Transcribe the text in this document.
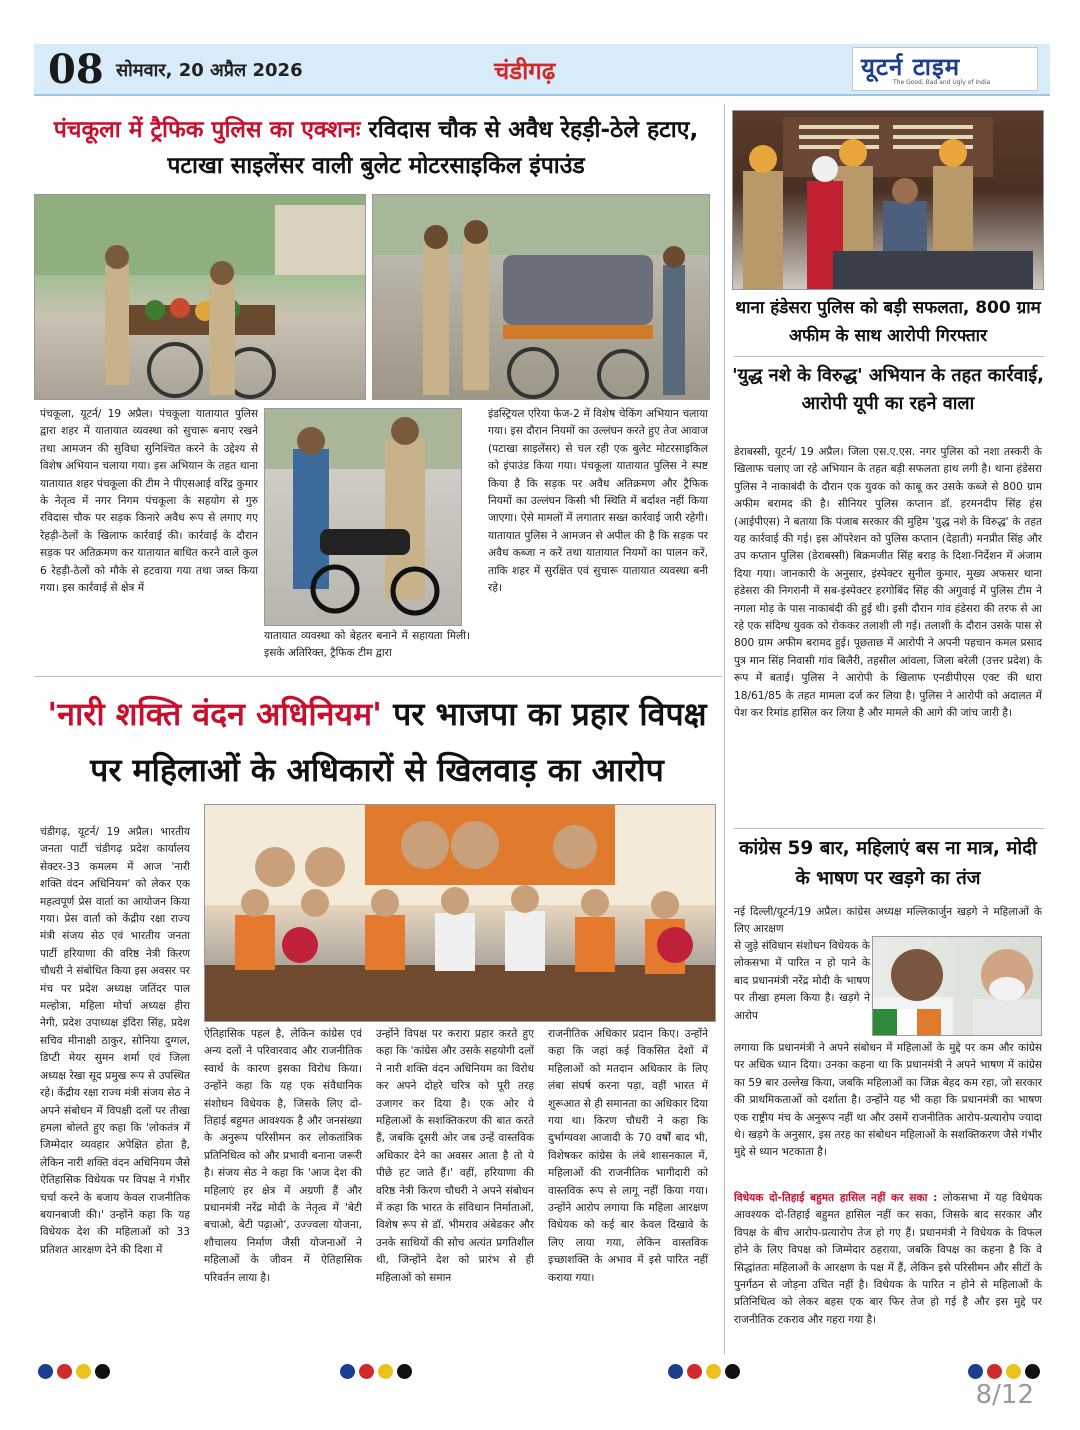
08 सोमवार, 20 अप्रैल 2026	चंडीगढ़	यूटर्न टाइम
The Good, Bad and Ugly of India
पंचकूला में ट्रैफिक पुलिस का एक्शनः रविदास चौक से अवैध रेहड़ी-ठेले हटाए, पटाखा साइलेंसर वाली बुलेट मोटरसाइकिल इंपाउंड
पंचकूला, यूटर्न/ 19 अप्रैल। पंचकूला यातायात पुलिस द्वारा शहर में यातायात व्यवस्था को सुचारू बनाए रखने तथा आमजन की सुविधा सुनिश्चित करने के उद्देश्य से विशेष अभियान चलाया गया। इस अभियान के तहत थाना यातायात शहर पंचकूला की टीम ने पीएसआई वरिंद्र कुमार के नेतृत्व में नगर निगम पंचकूला के सहयोग से गुरु रविदास चौक पर सड़क किनारे अवैध रूप से लगाए गए रेहड़ी-ठेलों के खिलाफ कार्रवाई की। कार्रवाई के दौरान सड़क पर अतिक्रमण कर यातायात बाधित करने वाले कुल 6 रेहड़ी-ठेलों को मौके से हटवाया गया तथा जब्त किया गया। इस कार्रवाई से क्षेत्र में
यातायात व्यवस्था को बेहतर बनाने में सहायता मिली। इसके अतिरिक्त, ट्रैफिक टीम द्वारा
इंडस्ट्रियल एरिया फेज-2 में विशेष चेकिंग अभियान चलाया गया। इस दौरान नियमों का उल्लंघन करते हुए तेज आवाज (पटाखा साइलेंसर) से चल रही एक बुलेट मोटरसाइकिल को इंपाउंड किया गया। पंचकूला यातायात पुलिस ने स्पष्ट किया है कि सड़क पर अवैध अतिक्रमण और ट्रैफिक नियमों का उल्लंघन किसी भी स्थिति में बर्दाश्त नहीं किया जाएगा। ऐसे मामलों में लगातार सख्त कार्रवाई जारी रहेगी। यातायात पुलिस ने आमजन से अपील की है कि सड़क पर अवैध कब्जा न करें तथा यातायात नियमों का पालन करें, ताकि शहर में सुरक्षित एवं सुचारू यातायात व्यवस्था बनी रहे।
'नारी शक्ति वंदन अधिनियम' पर भाजपा का प्रहार विपक्ष पर महिलाओं के अधिकारों से खिलवाड़ का आरोप
चंडीगढ़, यूटर्न/ 19 अप्रैल। भारतीय जनता पार्टी चंडीगढ़ प्रदेश कार्यालय सेक्टर-33 कमलम में आज 'नारी शक्ति वंदन अधिनियम' को लेकर एक महत्वपूर्ण प्रेस वार्ता का आयोजन किया गया। प्रेस वार्ता को केंद्रीय रक्षा राज्य मंत्री संजय सेठ एवं भारतीय जनता पार्टी हरियाणा की वरिष्ठ नेत्री किरण चौधरी ने संबोधित किया इस अवसर पर मंच पर प्रदेश अध्यक्ष जतिंदर पाल मल्होत्रा, महिला मोर्चा अध्यक्ष हीरा नेगी, प्रदेश उपाध्यक्ष इंदिरा सिंह, प्रदेश सचिव मीनाक्षी ठाकुर, सोनिया दुग्गल, डिप्टी मेयर सुमन शर्मा एवं जिला अध्यक्ष रेखा सूद प्रमुख रूप से उपस्थित रहे। केंद्रीय रक्षा राज्य मंत्री संजय सेठ ने अपने संबोधन में विपक्षी दलों पर तीखा हमला बोलते हुए कहा कि 'लोकतंत्र में जिम्मेदार व्यवहार अपेक्षित होता है, लेकिन नारी शक्ति वंदन अधिनियम जैसे ऐतिहासिक विधेयक पर विपक्ष ने गंभीर चर्चा करने के बजाय केवल राजनीतिक बयानबाजी की।' उन्होंने कहा कि यह विधेयक देश की महिलाओं को 33 प्रतिशत आरक्षण देने की दिशा में
ऐतिहासिक पहल है, लेकिन कांग्रेस एवं अन्य दलों ने परिवारवाद और राजनीतिक स्वार्थ के कारण इसका विरोध किया। उन्होंने कहा कि यह एक संवैधानिक संशोधन विधेयक है, जिसके लिए दो-तिहाई बहुमत आवश्यक है और जनसंख्या के अनुरूप परिसीमन कर लोकतांत्रिक प्रतिनिधित्व को और प्रभावी बनाना जरूरी है। संजय सेठ ने कहा कि 'आज देश की महिलाएं हर क्षेत्र में अग्रणी हैं और प्रधानमंत्री नरेंद्र मोदी के नेतृत्व में 'बेटी बचाओ, बेटी पढ़ाओ', उज्ज्वला योजना, शौचालय निर्माण जैसी योजनाओं ने महिलाओं के जीवन में ऐतिहासिक परिवर्तन लाया है।
उन्होंने विपक्ष पर करारा प्रहार करते हुए कहा कि 'कांग्रेस और उसके सहयोगी दलों ने नारी शक्ति वंदन अधिनियम का विरोध कर अपने दोहरे चरित्र को पूरी तरह उजागर कर दिया है। एक ओर ये महिलाओं के सशक्तिकरण की बात करते हैं, जबकि दूसरी ओर जब उन्हें वास्तविक अधिकार देने का अवसर आता है तो ये पीछे हट जाते हैं।' वहीं, हरियाणा की वरिष्ठ नेत्री किरण चौधरी ने अपने संबोधन में कहा कि भारत के संविधान निर्माताओं, विशेष रूप से डॉ. भीमराव अंबेडकर और उनके साथियों की सोच अत्यंत प्रगतिशील थी, जिन्होंने देश को प्रारंभ से ही महिलाओं को समान
राजनीतिक अधिकार प्रदान किए। उन्होंने कहा कि जहां कई विकसित देशों में महिलाओं को मतदान अधिकार के लिए लंबा संघर्ष करना पड़ा, वहीं भारत में शुरूआत से ही समानता का अधिकार दिया गया था। किरण चौधरी ने कहा कि दुर्भाग्यवश आजादी के 70 वर्षों बाद भी, विशेषकर कांग्रेस के लंबे शासनकाल में, महिलाओं की राजनीतिक भागीदारी को वास्तविक रूप से लागू नहीं किया गया। उन्होंने आरोप लगाया कि महिला आरक्षण विधेयक को कई बार केवल दिखावे के लिए लाया गया, लेकिन वास्तविक इच्छाशक्ति के अभाव में इसे पारित नहीं कराया गया।
थाना हंडेसरा पुलिस को बड़ी सफलता, 800 ग्राम अफीम के साथ आरोपी गिरफ्तार
'युद्ध नशे के विरुद्ध' अभियान के तहत कार्रवाई, आरोपी यूपी का रहने वाला
डेराबस्सी, यूटर्न/ 19 अप्रैल। जिला एस.ए.एस. नगर पुलिस को नशा तस्करी के खिलाफ चलाए जा रहे अभियान के तहत बड़ी सफलता हाथ लगी है। थाना हंडेसरा पुलिस ने नाकाबंदी के दौरान एक युवक को काबू कर उसके कब्जे से 800 ग्राम अफीम बरामद की है। सीनियर पुलिस कप्तान डॉ. हरमनदीप सिंह हंस (आईपीएस) ने बताया कि पंजाब सरकार की मुहिम 'युद्ध नशे के विरुद्ध' के तहत यह कार्रवाई की गई। इस ऑपरेशन को पुलिस कप्तान (देहाती) मनप्रीत सिंह और उप कप्तान पुलिस (डेराबस्सी) बिक्रमजीत सिंह बराड़ के दिशा-निर्देशन में अंजाम दिया गया। जानकारी के अनुसार, इंस्पेक्टर सुनील कुमार, मुख्य अफसर थाना हंडेसरा की निगरानी में सब-इंस्पेक्टर हरगोबिंद सिंह की अगुवाई में पुलिस टीम ने नगला मोड़ के पास नाकाबंदी की हुई थी। इसी दौरान गांव हंडेसरा की तरफ से आ रहे एक संदिग्ध युवक को रोककर तलाशी ली गई। तलाशी के दौरान उसके पास से 800 ग्राम अफीम बरामद हुई। पूछताछ में आरोपी ने अपनी पहचान कमल प्रसाद पुत्र मान सिंह निवासी गांव बिलैरी, तहसील आंवला, जिला बरेली (उत्तर प्रदेश) के रूप में बताई। पुलिस ने आरोपी के खिलाफ एनडीपीएस एक्ट की धारा 18/61/85 के तहत मामला दर्ज कर लिया है। पुलिस ने आरोपी को अदालत में पेश कर रिमांड हासिल कर लिया है और मामले की आगे की जांच जारी है।
कांग्रेस 59 बार, महिलाएं बस ना मात्र, मोदी के भाषण पर खड़गे का तंज
नई दिल्ली/यूटर्न/19 अप्रैल। कांग्रेस अध्यक्ष मल्लिकार्जुन खड़गे ने महिलाओं के लिए आरक्षण
से जुड़े संविधान संशोधन विधेयक के लोकसभा में पारित न हो पाने के बाद प्रधानमंत्री नरेंद्र मोदी के भाषण पर तीखा हमला किया है। खड़गे ने आरोप
लगाया कि प्रधानमंत्री ने अपने संबोधन में महिलाओं के मुद्दे पर कम और कांग्रेस पर अधिक ध्यान दिया। उनका कहना था कि प्रधानमंत्री ने अपने भाषण में कांग्रेस का 59 बार उल्लेख किया, जबकि महिलाओं का जिक्र बेहद कम रहा, जो सरकार की प्राथमिकताओं को दर्शाता है। उन्होंने यह भी कहा कि प्रधानमंत्री का भाषण एक राष्ट्रीय मंच के अनुरूप नहीं था और उसमें राजनीतिक आरोप-प्रत्यारोप ज्यादा थे। खड़गे के अनुसार, इस तरह का संबोधन महिलाओं के सशक्तिकरण जैसे गंभीर मुद्दे से ध्यान भटकाता है।
विधेयक दो-तिहाई बहुमत हासिल नहीं कर सका : लोकसभा में यह विधेयक आवश्यक दो-तिहाई बहुमत हासिल नहीं कर सका, जिसके बाद सरकार और विपक्ष के बीच आरोप-प्रत्यारोप तेज हो गए हैं। प्रधानमंत्री ने विधेयक के विफल होने के लिए विपक्ष को जिम्मेदार ठहराया, जबकि विपक्ष का कहना है कि वे सिद्धांततः महिलाओं के आरक्षण के पक्ष में हैं, लेकिन इसे परिसीमन और सीटों के पुनर्गठन से जोड़ना उचित नहीं है। विधेयक के पारित न होने से महिलाओं के प्रतिनिधित्व को लेकर बहस एक बार फिर तेज हो गई है और इस मुद्दे पर राजनीतिक टकराव और गहरा गया है।
8/12
